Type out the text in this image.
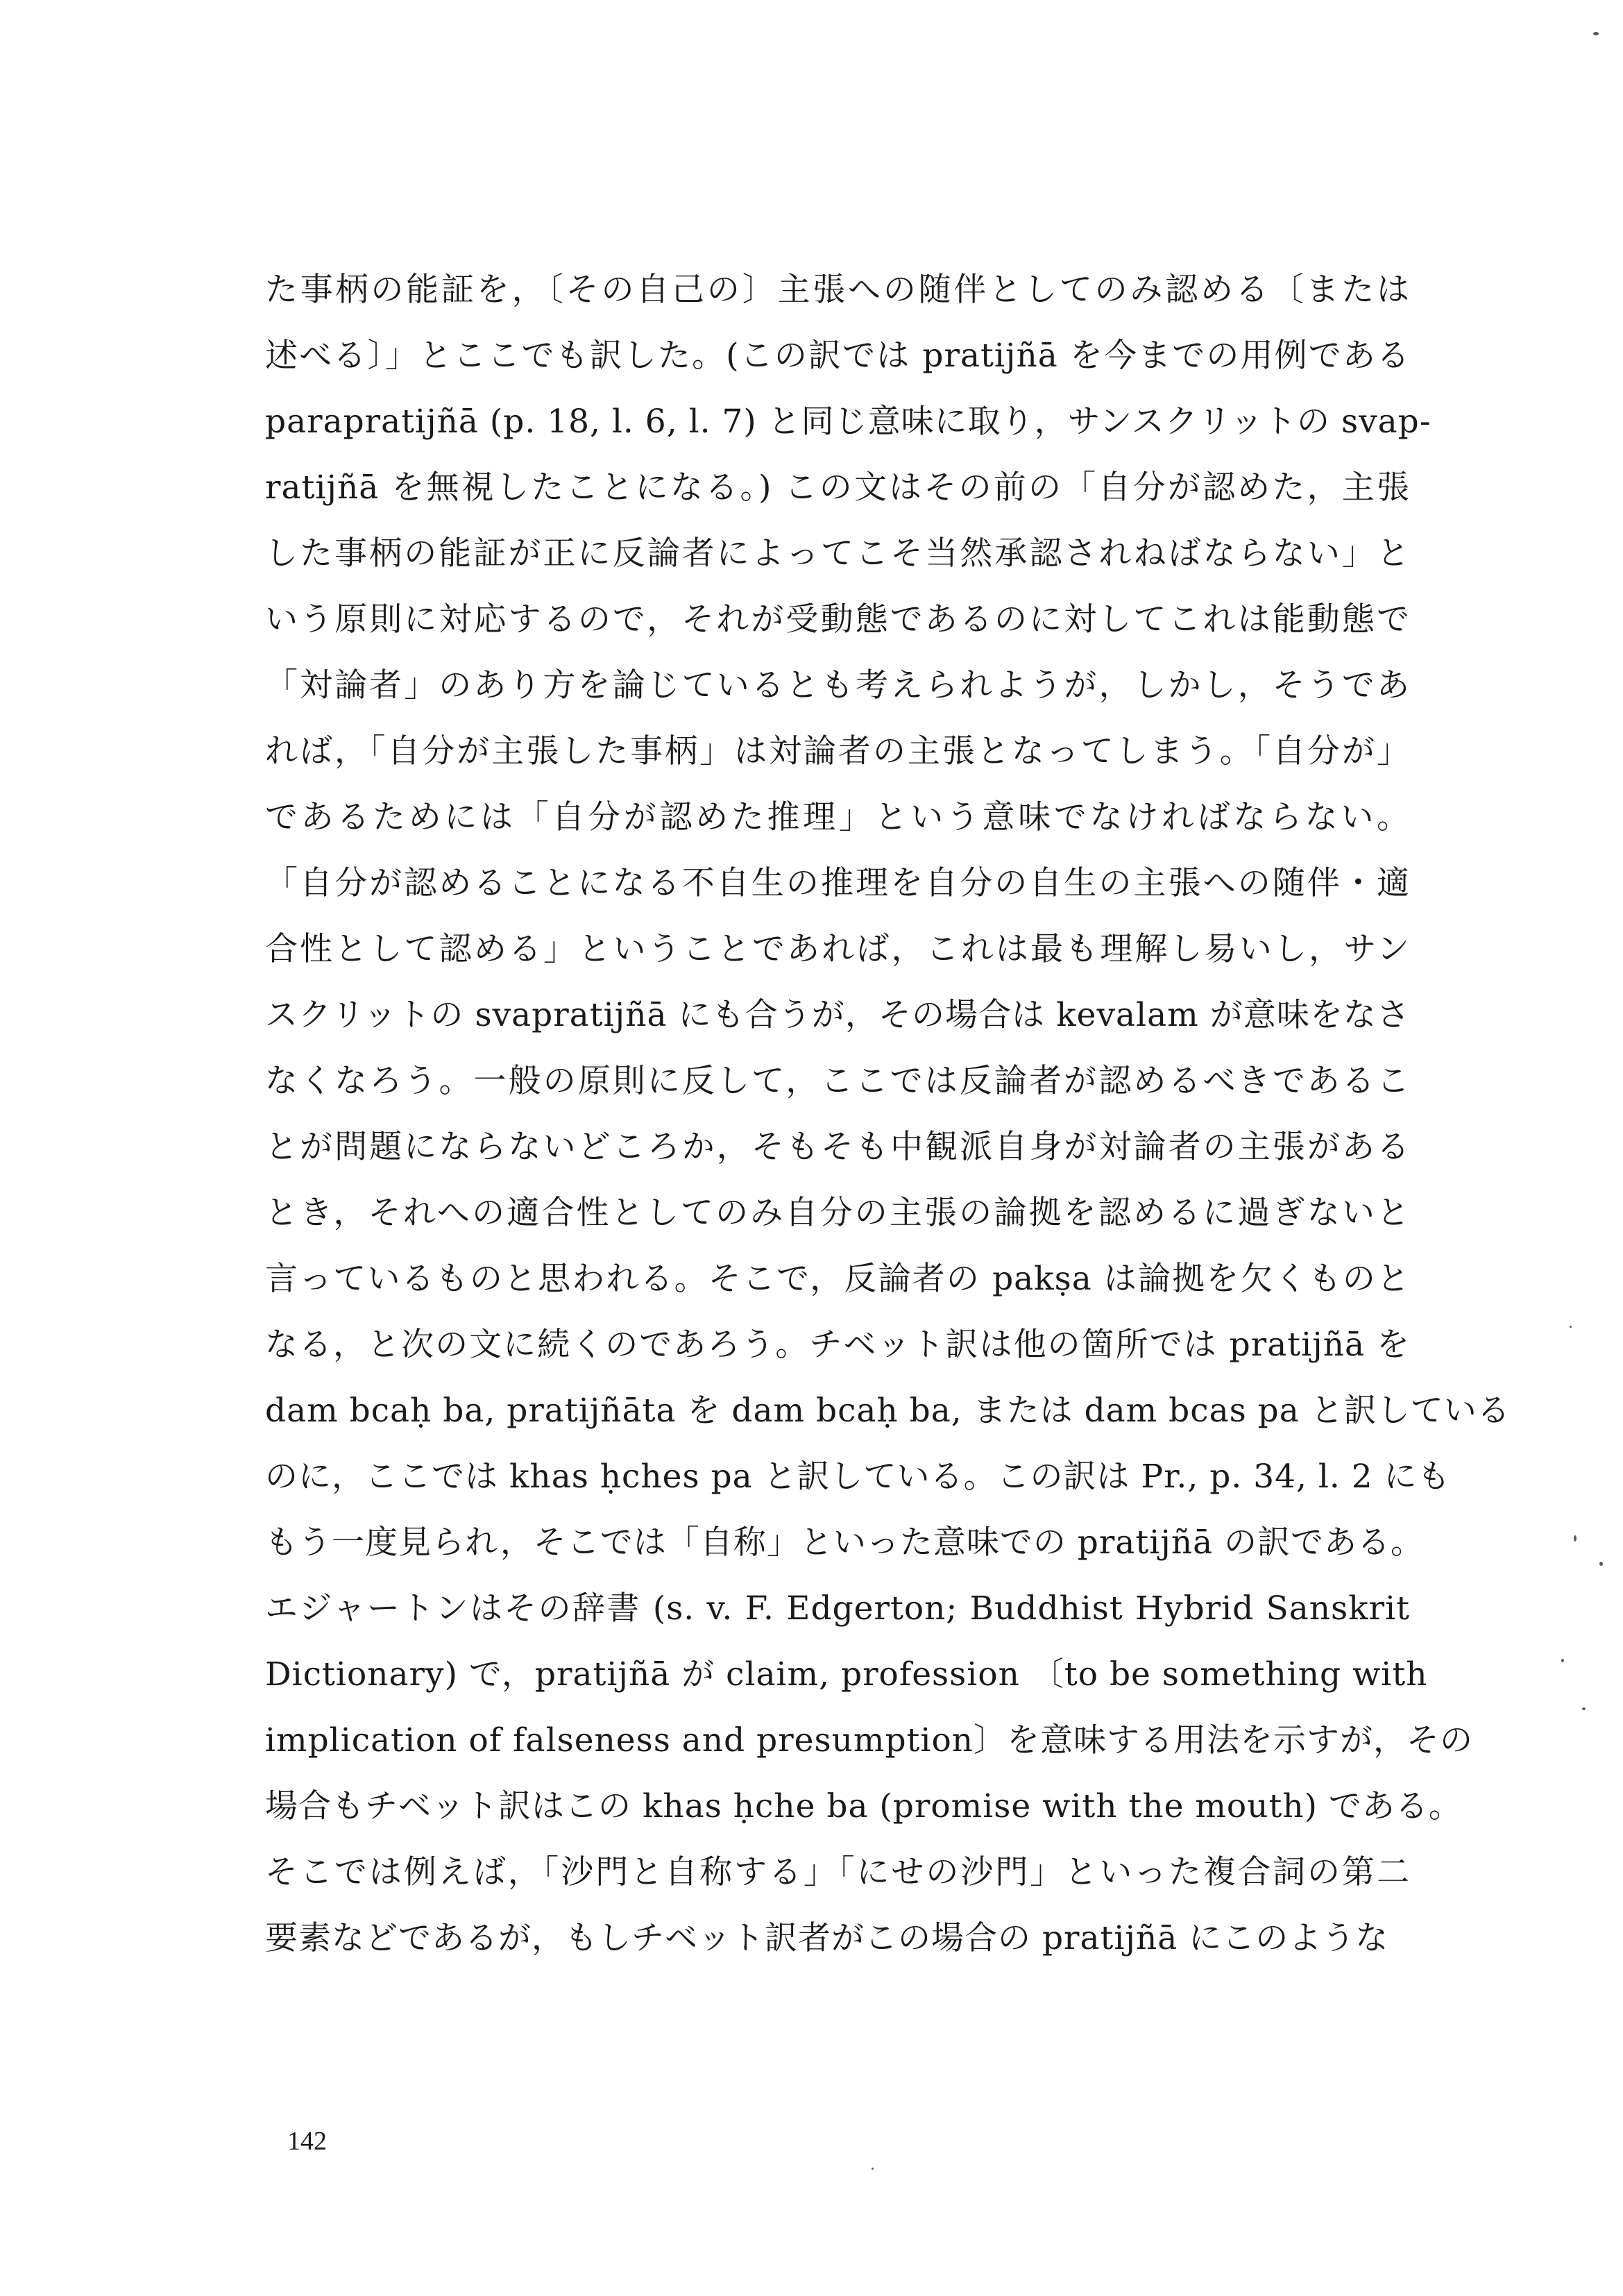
た事柄の能証を，〔その自己の〕主張への随伴としてのみ認める〔または
述べる〕」とここでも訳した。(この訳では pratijñā を今までの用例である
parapratijñā (p. 18, l. 6, l. 7) と同じ意味に取り，サンスクリットの svap-
ratijñā を無視したことになる。) この文はその前の「自分が認めた，主張
した事柄の能証が正に反論者によってこそ当然承認されねばならない」と
いう原則に対応するので，それが受動態であるのに対してこれは能動態で
「対論者」のあり方を論じているとも考えられようが，しかし，そうであ
れば，「自分が主張した事柄」は対論者の主張となってしまう。「自分が」
であるためには「自分が認めた推理」という意味でなければならない。
「自分が認めることになる不自生の推理を自分の自生の主張への随伴・適
合性として認める」ということであれば，これは最も理解し易いし，サン
スクリットの svapratijñā にも合うが，その場合は kevalam が意味をなさ
なくなろう。一般の原則に反して，ここでは反論者が認めるべきであるこ
とが問題にならないどころか，そもそも中観派自身が対論者の主張がある
とき，それへの適合性としてのみ自分の主張の論拠を認めるに過ぎないと
言っているものと思われる。そこで，反論者の pakṣa は論拠を欠くものと
なる，と次の文に続くのであろう。チベット訳は他の箇所では pratijñā を
dam bcaḥ ba, pratijñāta を dam bcaḥ ba, または dam bcas pa と訳している
のに，ここでは khas ḥches pa と訳している。この訳は Pr., p. 34, l. 2 にも
もう一度見られ，そこでは「自称」といった意味での pratijñā の訳である。
エジャートンはその辞書 (s. v. F. Edgerton; Buddhist Hybrid Sanskrit
Dictionary) で，pratijñā が claim, profession 〔to be something with
implication of falseness and presumption〕を意味する用法を示すが，その
場合もチベット訳はこの khas ḥche ba (promise with the mouth) である。
そこでは例えば，「沙門と自称する」「にせの沙門」といった複合詞の第二
要素などであるが，もしチベット訳者がこの場合の pratijñā にこのような
142
